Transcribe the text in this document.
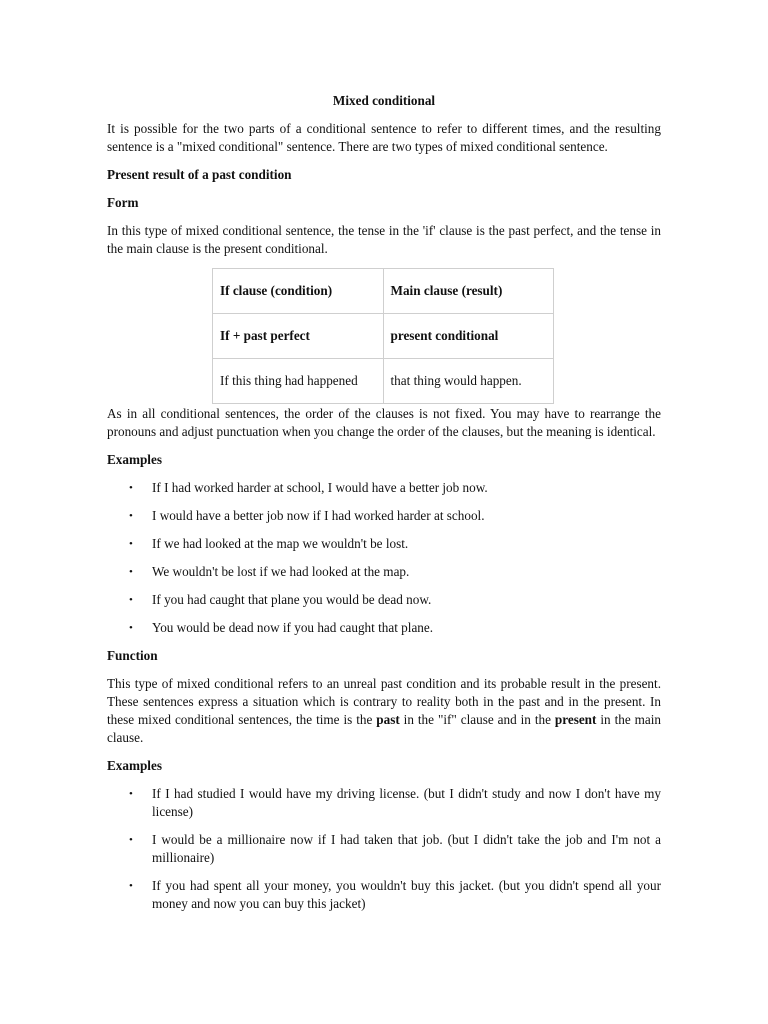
Mixed conditional

It is possible for the two parts of a conditional sentence to refer to different times, and the resulting sentence is a "mixed conditional" sentence. There are two types of mixed conditional sentence.

Present result of a past condition
Form

In this type of mixed conditional sentence, the tense in the 'if' clause is the past perfect, and the tense in the main clause is the present conditional.

If clause (condition)	Main clause (result)
If + past perfect	present conditional
If this thing had happened	that thing would happen.

As in all conditional sentences, the order of the clauses is not fixed. You may have to rearrange the pronouns and adjust punctuation when you change the order of the clauses, but the meaning is identical.

Examples
• If I had worked harder at school, I would have a better job now.
• I would have a better job now if I had worked harder at school.
• If we had looked at the map we wouldn't be lost.
• We wouldn't be lost if we had looked at the map.
• If you had caught that plane you would be dead now.
• You would be dead now if you had caught that plane.
Function

This type of mixed conditional refers to an unreal past condition and its probable result in the present. These sentences express a situation which is contrary to reality both in the past and in the present. In these mixed conditional sentences, the time is the past in the "if" clause and in the present in the main clause.

Examples
• If I had studied I would have my driving license. (but I didn't study and now I don't have my license)
• I would be a millionaire now if I had taken that job. (but I didn't take the job and I'm not a millionaire)
• If you had spent all your money, you wouldn't buy this jacket. (but you didn't spend all your money and now you can buy this jacket)
